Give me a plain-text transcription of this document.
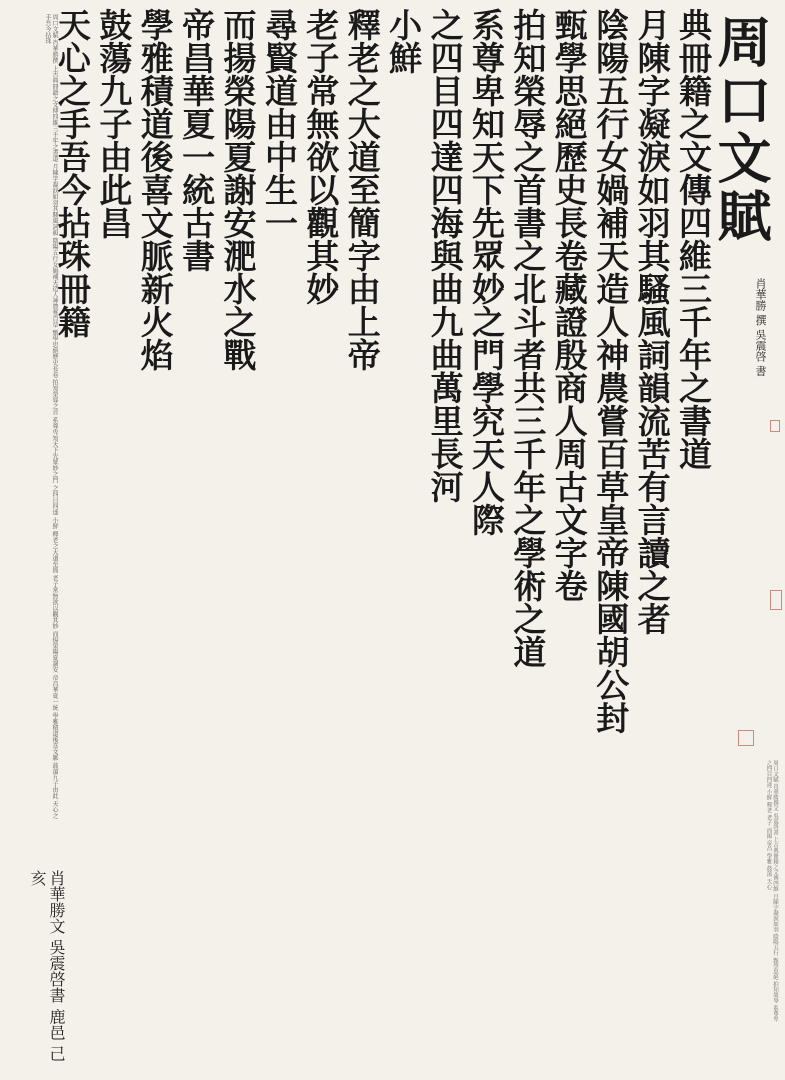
周口文賦
肖華勝 撰 吳震啓 書
典冊籍之文傳四維三千年之書道
月陳字凝淚如羽其騷風詞韻流苦有言讀之者
陰陽五行女媧補天造人神農嘗百草皇帝陳國胡公封
甄學思絕歷史長卷藏證殷商人周古文字卷
拍知榮辱之首書之北斗者共三千年之學術之道
系尊卑知天下先眾妙之門學究天人際
之四目四達四海與曲九曲萬里長河
小鮮
釋老之大道至簡字由上帝
老子常無欲以觀其妙
尋賢道由中生一
而揚榮陽夏謝安淝水之戰
帝昌華夏一統古書
學雅積道後喜文脈新火焰
鼓蕩九子由此昌
天心之手吾今拈珠冊籍
周口文賦 肖華勝撰 上古典冊籍之文傳四維三千年之書道 月陳字凝淚如羽其騷風詞韻 陰陽五行女媧補天造人神農嘗百草 甄學思絕歷史長卷 拍知榮辱之首 系尊卑知天下先眾妙之門 之四目四達 小鮮 釋老之大道至簡 老子常無欲以觀其妙 而揚榮陽夏謝安 帝昌華夏一統 學雅積道後喜文脈 鼓蕩九子由此 天心之手吾今拈珠
周口文賦 肖華勝撰文 吳震啓書 上古典冊籍之文傳四維 月陳字凝淚如羽 陰陽五行 甄學思絕 拍知榮辱 系尊卑 之四目四達 小鮮 釋老 老子 而揚 帝昌 學雅 鼓蕩 天心
肖華勝文 吳震啓書 鹿邑 己亥
